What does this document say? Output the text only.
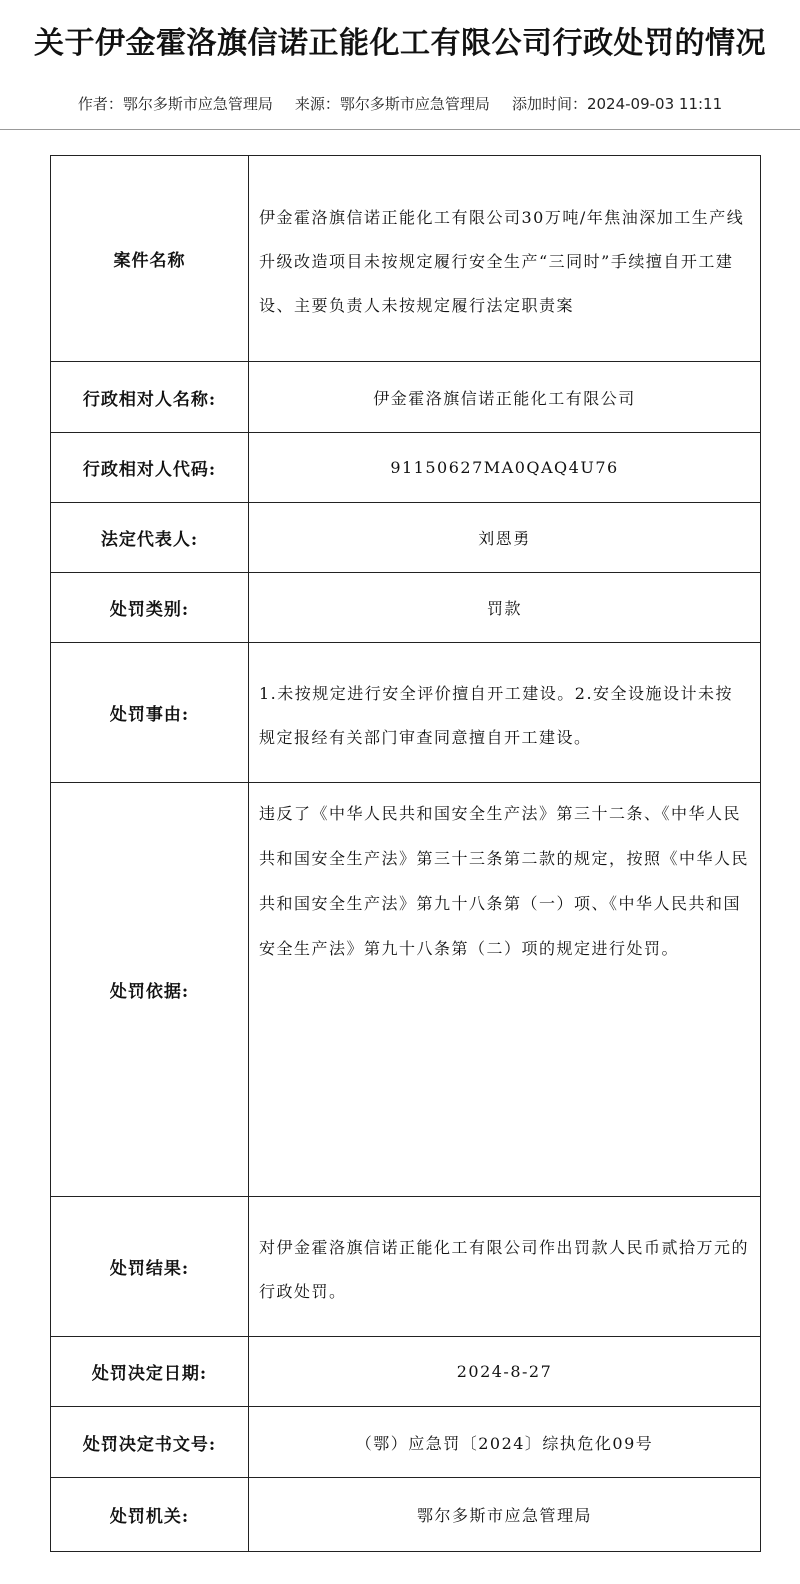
关于伊金霍洛旗信诺正能化工有限公司行政处罚的情况
作者：鄂尔多斯市应急管理局 来源：鄂尔多斯市应急管理局 添加时间：2024-09-03 11:11
案件名称	伊金霍洛旗信诺正能化工有限公司30万吨/年焦油深加工生产线升级改造项目未按规定履行安全生产“三同时”手续擅自开工建设、主要负责人未按规定履行法定职责案
行政相对人名称:	伊金霍洛旗信诺正能化工有限公司
行政相对人代码:	91150627MA0QAQ4U76
法定代表人:	刘恩勇
处罚类别:	罚款
处罚事由:	1.未按规定进行安全评价擅自开工建设。2.安全设施设计未按规定报经有关部门审查同意擅自开工建设。
处罚依据:	违反了《中华人民共和国安全生产法》第三十二条、《中华人民共和国安全生产法》第三十三条第二款的规定，按照《中华人民共和国安全生产法》第九十八条第（一）项、《中华人民共和国安全生产法》第九十八条第（二）项的规定进行处罚。
处罚结果:	对伊金霍洛旗信诺正能化工有限公司作出罚款人民币贰拾万元的行政处罚。
处罚决定日期:	2024-8-27
处罚决定书文号:	（鄂）应急罚〔2024〕综执危化09号
处罚机关:	鄂尔多斯市应急管理局
